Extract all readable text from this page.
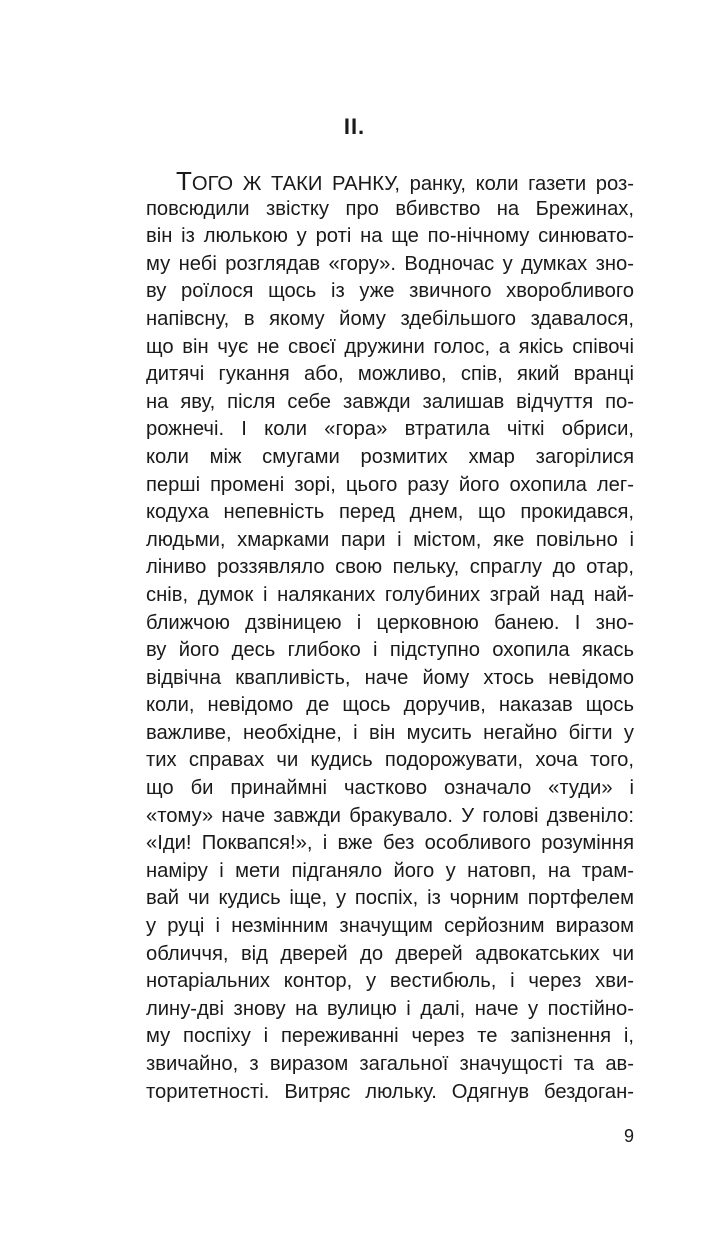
II.

ТОГО Ж ТАКИ РАНКУ, ранку, коли газети роз-
повсюдили звістку про вбивство на Брежинах,
він із люлькою у роті на ще по-нічному синювато-
му небі розглядав «гору». Водночас у думках зно-
ву роїлося щось із уже звичного хворобливого
напівсну, в якому йому здебільшого здавалося,
що він чує не своєї дружини голос, а якісь співочі
дитячі гукання або, можливо, спів, який вранці
на яву, після себе завжди залишав відчуття по-
рожнечі. І коли «гора» втратила чіткі обриси,
коли між смугами розмитих хмар загорілися
перші промені зорі, цього разу його охопила лег-
кодуха непевність перед днем, що прокидався,
людьми, хмарками пари і містом, яке повільно і
ліниво роззявляло свою пельку, спраглу до отар,
снів, думок і наляканих голубиних зграй над най-
ближчою дзвіницею і церковною банею. І зно-
ву його десь глибоко і підступно охопила якась
відвічна квапливість, наче йому хтось невідомо
коли, невідомо де щось доручив, наказав щось
важливе, необхідне, і він мусить негайно бігти у
тих справах чи кудись подорожувати, хоча того,
що би принаймні частково означало «туди» і
«тому» наче завжди бракувало. У голові дзвеніло:
«Іди! Поквапся!», і вже без особливого розуміння
наміру і мети підганяло його у натовп, на трам-
вай чи кудись іще, у поспіх, із чорним портфелем
у руці і незмінним значущим серйозним виразом
обличчя, від дверей до дверей адвокатських чи
нотаріальних контор, у вестибюль, і через хви-
лину-дві знову на вулицю і далі, наче у постійно-
му поспіху і переживанні через те запізнення і,
звичайно, з виразом загальної значущості та ав-
торитетності. Витряс люльку. Одягнув бездоган-

9
